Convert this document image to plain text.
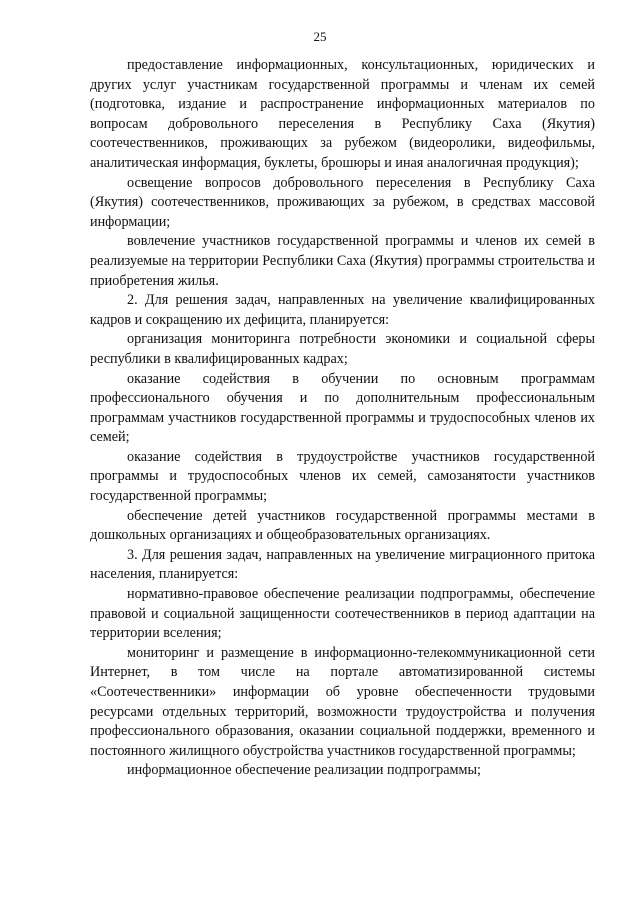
25

предоставление информационных, консультационных, юридических и других услуг участникам государственной программы и членам их семей (подготовка, издание и распространение информационных материалов по вопросам добровольного переселения в Республику Саха (Якутия) соотечественников, проживающих за рубежом (видеоролики, видеофильмы, аналитическая информация, буклеты, брошюры и иная аналогичная продукция);

освещение вопросов добровольного переселения в Республику Саха (Якутия) соотечественников, проживающих за рубежом, в средствах массовой информации;

вовлечение участников государственной программы и членов их семей в реализуемые на территории Республики Саха (Якутия) программы строительства и приобретения жилья.

2. Для решения задач, направленных на увеличение квалифицированных кадров и сокращению их дефицита, планируется:

организация мониторинга потребности экономики и социальной сферы республики в квалифицированных кадрах;

оказание содействия в обучении по основным программам профессионального обучения и по дополнительным профессиональным программам участников государственной программы и трудоспособных членов их семей;

оказание содействия в трудоустройстве участников государственной программы и трудоспособных членов их семей, самозанятости участников государственной программы;

обеспечение детей участников государственной программы местами в дошкольных организациях и общеобразовательных организациях.

3. Для решения задач, направленных на увеличение миграционного притока населения, планируется:

нормативно-правовое обеспечение реализации подпрограммы, обеспечение правовой и социальной защищенности соотечественников в период адаптации на территории вселения;

мониторинг и размещение в информационно-телекоммуникационной сети Интернет, в том числе на портале автоматизированной системы «Соотечественники» информации об уровне обеспеченности трудовыми ресурсами отдельных территорий, возможности трудоустройства и получения профессионального образования, оказании социальной поддержки, временного и постоянного жилищного обустройства участников государственной программы;

информационное обеспечение реализации подпрограммы;
